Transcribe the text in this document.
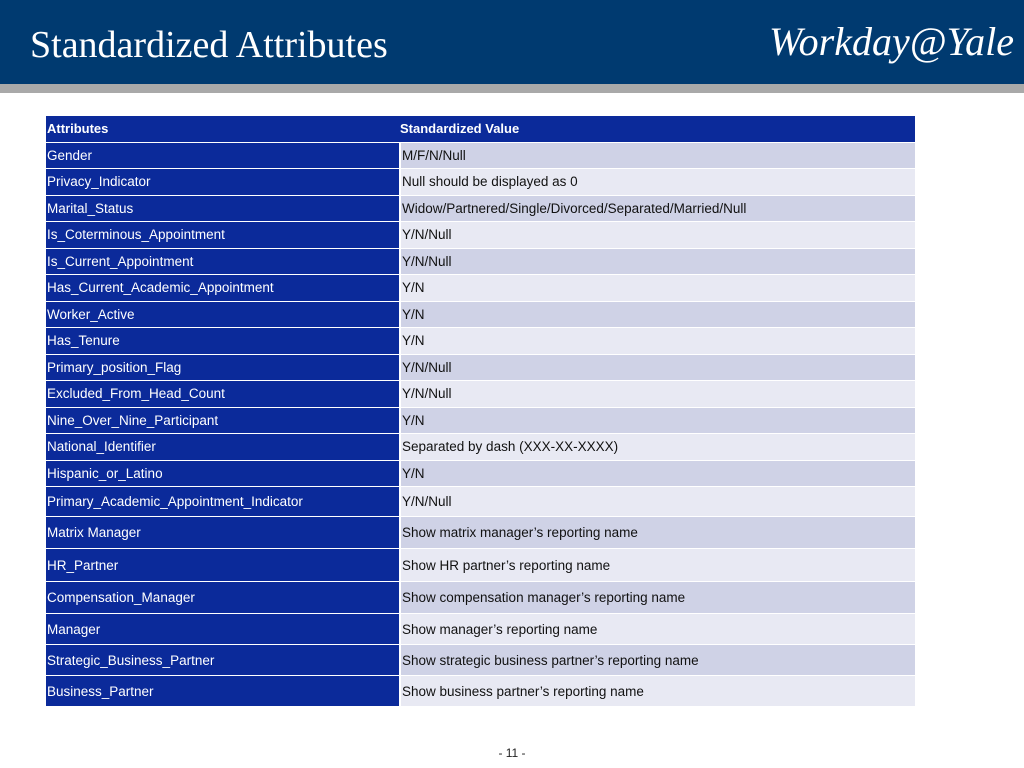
Standardized Attributes	Workday@Yale
Attributes	Standardized Value
Gender	M/F/N/Null
Privacy_Indicator	Null should be displayed as 0
Marital_Status	Widow/Partnered/Single/Divorced/Separated/Married/Null
Is_Coterminous_Appointment	Y/N/Null
Is_Current_Appointment	Y/N/Null
Has_Current_Academic_Appointment	Y/N
Worker_Active	Y/N
Has_Tenure	Y/N
Primary_position_Flag	Y/N/Null
Excluded_From_Head_Count	Y/N/Null
Nine_Over_Nine_Participant	Y/N
National_Identifier	Separated by dash (XXX-XX-XXXX)
Hispanic_or_Latino	Y/N
Primary_Academic_Appointment_Indicator	Y/N/Null
Matrix Manager	Show matrix manager’s reporting name
HR_Partner	Show HR partner’s reporting name
Compensation_Manager	Show compensation manager’s reporting name
Manager	Show manager’s reporting name
Strategic_Business_Partner	Show strategic business partner’s reporting name
Business_Partner	Show business partner’s reporting name
- 11 -
